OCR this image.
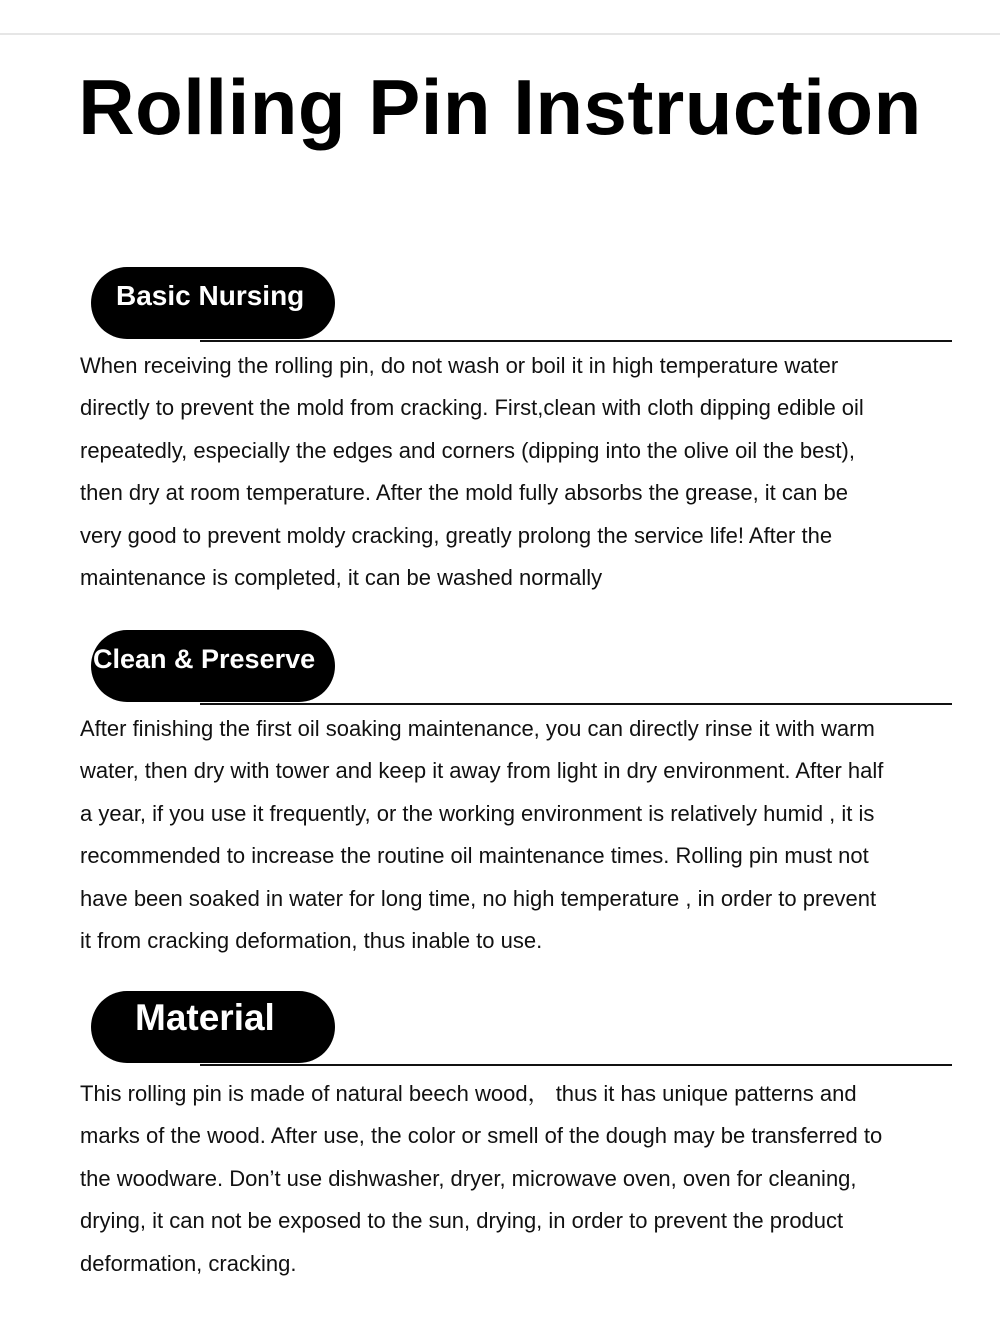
Rolling Pin Instruction
Basic Nursing

When receiving the rolling pin, do not wash or boil it in high temperature water
directly to prevent the mold from cracking. First,clean with cloth dipping edible oil
repeatedly, especially the edges and corners (dipping into the olive oil the best),
then dry at room temperature. After the mold fully absorbs the grease, it can be
very good to prevent moldy cracking, greatly prolong the service life! After the
maintenance is completed, it can be washed normally

Clean & Preserve

After finishing the first oil soaking maintenance, you can directly rinse it with warm
water, then dry with tower and keep it away from light in dry environment. After half
a year, if you use it frequently, or the working environment is relatively humid , it is
recommended to increase the routine oil maintenance times. Rolling pin must not
have been soaked in water for long time, no high temperature , in order to prevent
it from cracking deformation, thus inable to use.

Material

This rolling pin is made of natural beech wood， thus it has unique patterns and
marks of the wood. After use, the color or smell of the dough may be transferred to
the woodware. Don’t use dishwasher, dryer, microwave oven, oven for cleaning,
drying, it can not be exposed to the sun, drying, in order to prevent the product
deformation, cracking.
